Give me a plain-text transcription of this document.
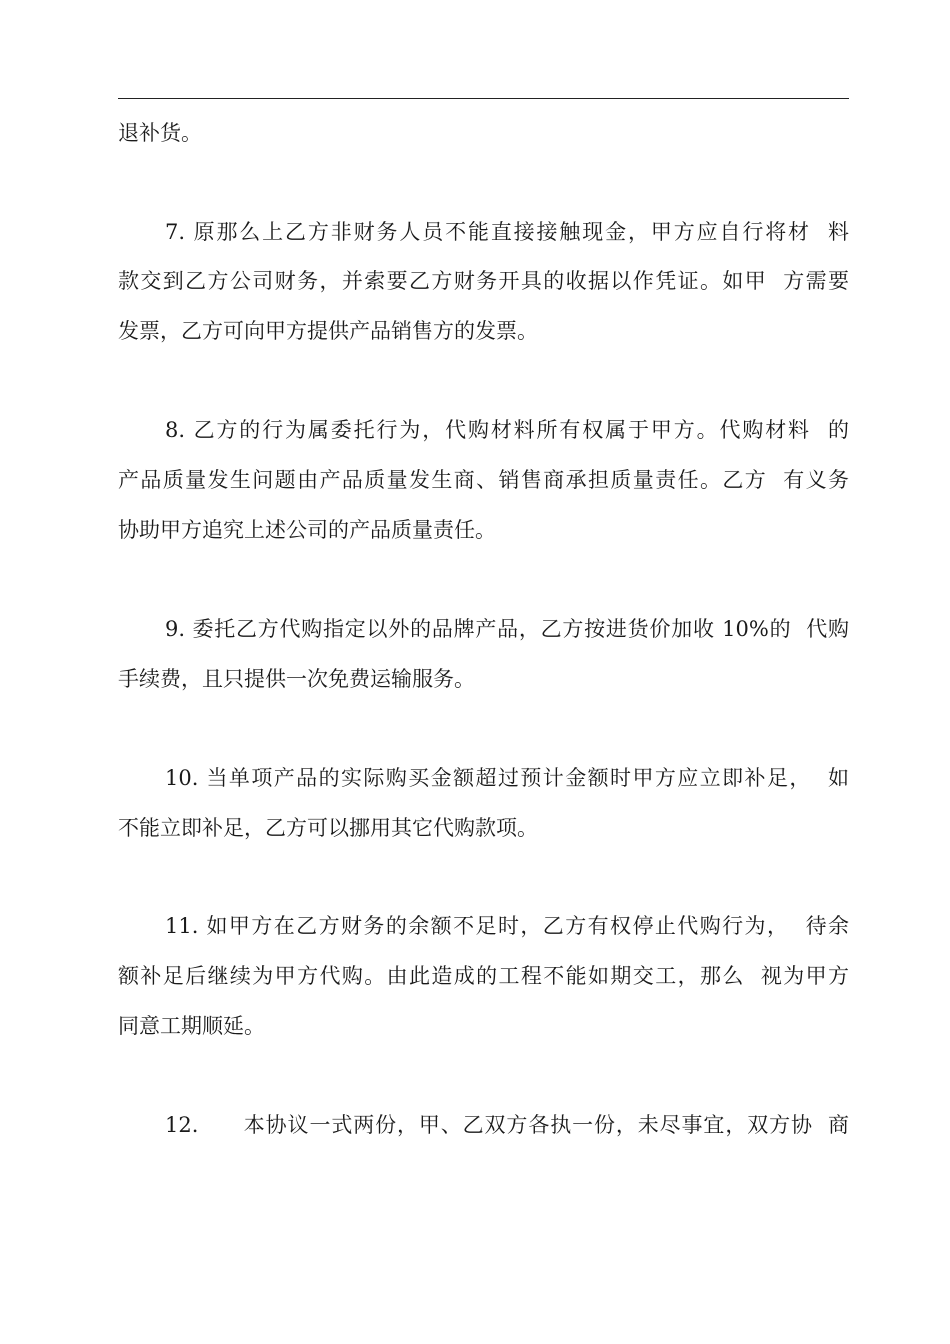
退补货。
7. 原那么上乙方非财务人员不能直接接触现金，甲方应自行将材  料
款交到乙方公司财务，并索要乙方财务开具的收据以作凭证。如甲  方需要
发票，乙方可向甲方提供产品销售方的发票。
8. 乙方的行为属委托行为，代购材料所有权属于甲方。代购材料  的
产品质量发生问题由产品质量发生商、销售商承担质量责任。乙方  有义务
协助甲方追究上述公司的产品质量责任。
9. 委托乙方代购指定以外的品牌产品，乙方按进货价加收 10%的  代购
手续费，且只提供一次免费运输服务。
10. 当单项产品的实际购买金额超过预计金额时甲方应立即补足，  如
不能立即补足，乙方可以挪用其它代购款项。
11. 如甲方在乙方财务的余额不足时，乙方有权停止代购行为，  待余
额补足后继续为甲方代购。由此造成的工程不能如期交工，那么  视为甲方
同意工期顺延。
12.      本协议一式两份，甲、乙双方各执一份，未尽事宜，双方协  商
